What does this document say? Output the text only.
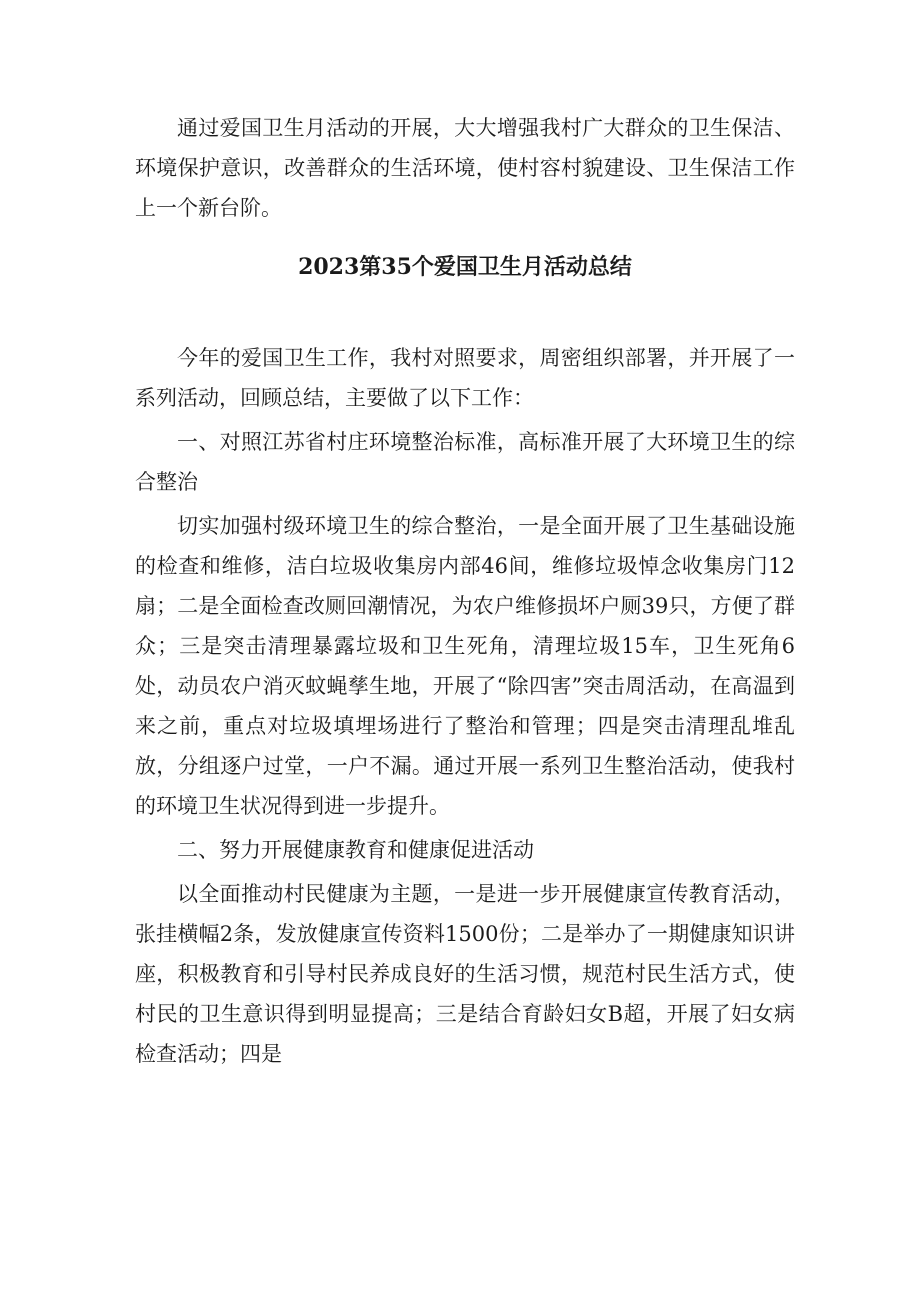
通过爱国卫生月活动的开展，大大增强我村广大群众的卫生保洁、环境保护意识，改善群众的生活环境，使村容村貌建设、卫生保洁工作上一个新台阶。

2023第35个爱国卫生月活动总结

今年的爱国卫生工作，我村对照要求，周密组织部署，并开展了一系列活动，回顾总结，主要做了以下工作：

一、对照江苏省村庄环境整治标准，高标准开展了大环境卫生的综合整治

切实加强村级环境卫生的综合整治，一是全面开展了卫生基础设施的检查和维修，洁白垃圾收集房内部46间，维修垃圾悼念收集房门12扇；二是全面检查改厕回潮情况，为农户维修损坏户厕39只，方便了群众；三是突击清理暴露垃圾和卫生死角，清理垃圾15车，卫生死角6处，动员农户消灭蚊蝇孳生地，开展了“除四害”突击周活动，在高温到来之前，重点对垃圾填埋场进行了整治和管理；四是突击清理乱堆乱放，分组逐户过堂，一户不漏。通过开展一系列卫生整治活动，使我村的环境卫生状况得到进一步提升。

二、努力开展健康教育和健康促进活动

以全面推动村民健康为主题，一是进一步开展健康宣传教育活动，张挂横幅2条，发放健康宣传资料1500份；二是举办了一期健康知识讲座，积极教育和引导村民养成良好的生活习惯，规范村民生活方式，使村民的卫生意识得到明显提高；三是结合育龄妇女B超，开展了妇女病检查活动；四是
